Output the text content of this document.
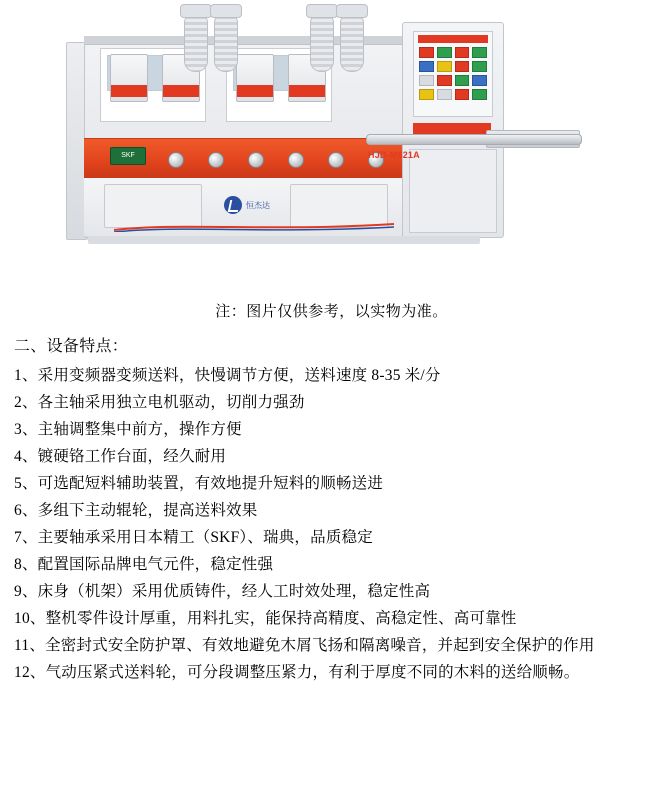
SKF
恒杰达
HJD-M621A
注：图片仅供参考，以实物为准。
二、设备特点：
1、采用变频器变频送料，快慢调节方便，送料速度 8-35 米/分
2、各主轴采用独立电机驱动，切削力强劲
3、主轴调整集中前方，操作方便
4、镀硬铬工作台面，经久耐用
5、可选配短料辅助装置，有效地提升短料的顺畅送进
6、多组下主动辊轮，提高送料效果
7、主要轴承采用日本精工（SKF）、瑞典，品质稳定
8、配置国际品牌电气元件，稳定性强
9、床身（机架）采用优质铸件，经人工时效处理，稳定性高
10、整机零件设计厚重，用料扎实，能保持高精度、高稳定性、高可靠性
11、全密封式安全防护罩、有效地避免木屑飞扬和隔离噪音，并起到安全保护的作用
12、气动压紧式送料轮，可分段调整压紧力，有利于厚度不同的木料的送给顺畅。
